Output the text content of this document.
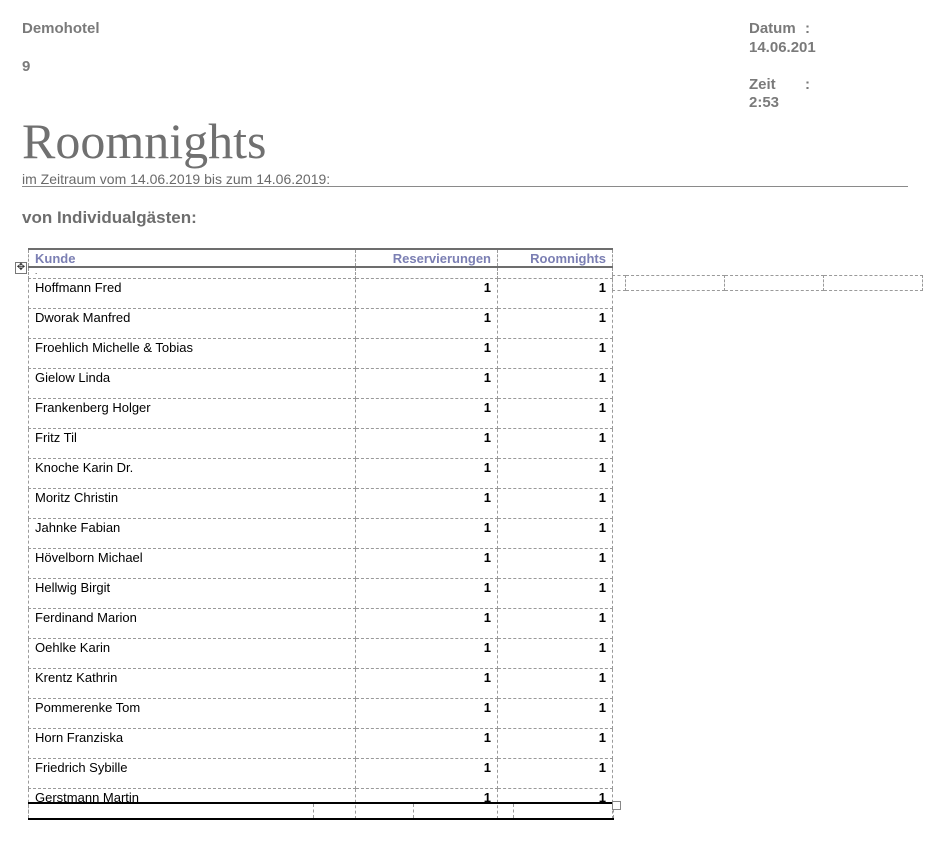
Demohotel
9
Datum :
14.06.201
Zeit :
2:53
Roomnights
im Zeitraum vom 14.06.2019 bis zum 14.06.2019:
von Individualgästen:
✥
Kunde	Reservierungen	Roomnights
.		
Hoffmann Fred	1	1
Dworak Manfred	1	1
Froehlich Michelle & Tobias	1	1
Gielow Linda	1	1
Frankenberg Holger	1	1
Fritz Til	1	1
Knoche Karin Dr.	1	1
Moritz Christin	1	1
Jahnke Fabian	1	1
Hövelborn Michael	1	1
Hellwig Birgit	1	1
Ferdinand Marion	1	1
Oehlke Karin	1	1
Krentz Kathrin	1	1
Pommerenke Tom	1	1
Horn Franziska	1	1
Friedrich Sybille	1	1
Gerstmann Martin	1	1
